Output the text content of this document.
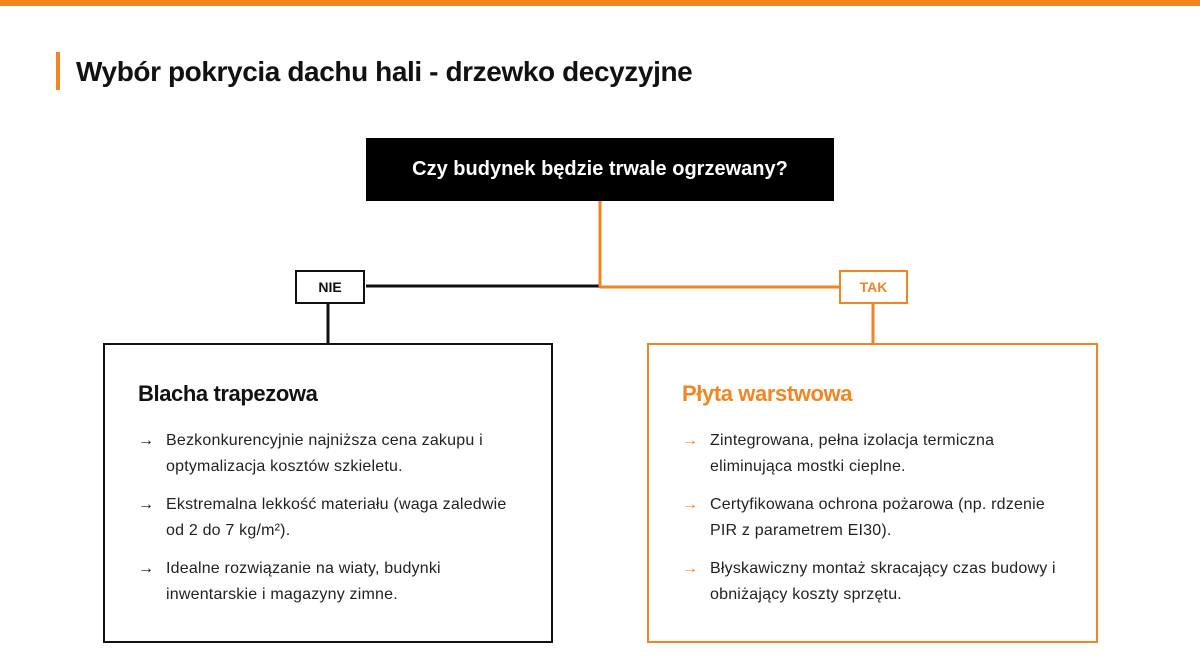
Wybór pokrycia dachu hali - drzewko decyzyjne
Czy budynek będzie trwale ogrzewany?
NIE	TAK
Blacha trapezowa
→ Bezkonkurencyjnie najniższa cena zakupu i optymalizacja kosztów szkieletu.
→ Ekstremalna lekkość materiału (waga zaledwie od 2 do 7 kg/m²).
→ Idealne rozwiązanie na wiaty, budynki inwentarskie i magazyny zimne.
Płyta warstwowa
→ Zintegrowana, pełna izolacja termiczna eliminująca mostki cieplne.
→ Certyfikowana ochrona pożarowa (np. rdzenie PIR z parametrem EI30).
→ Błyskawiczny montaż skracający czas budowy i obniżający koszty sprzętu.
